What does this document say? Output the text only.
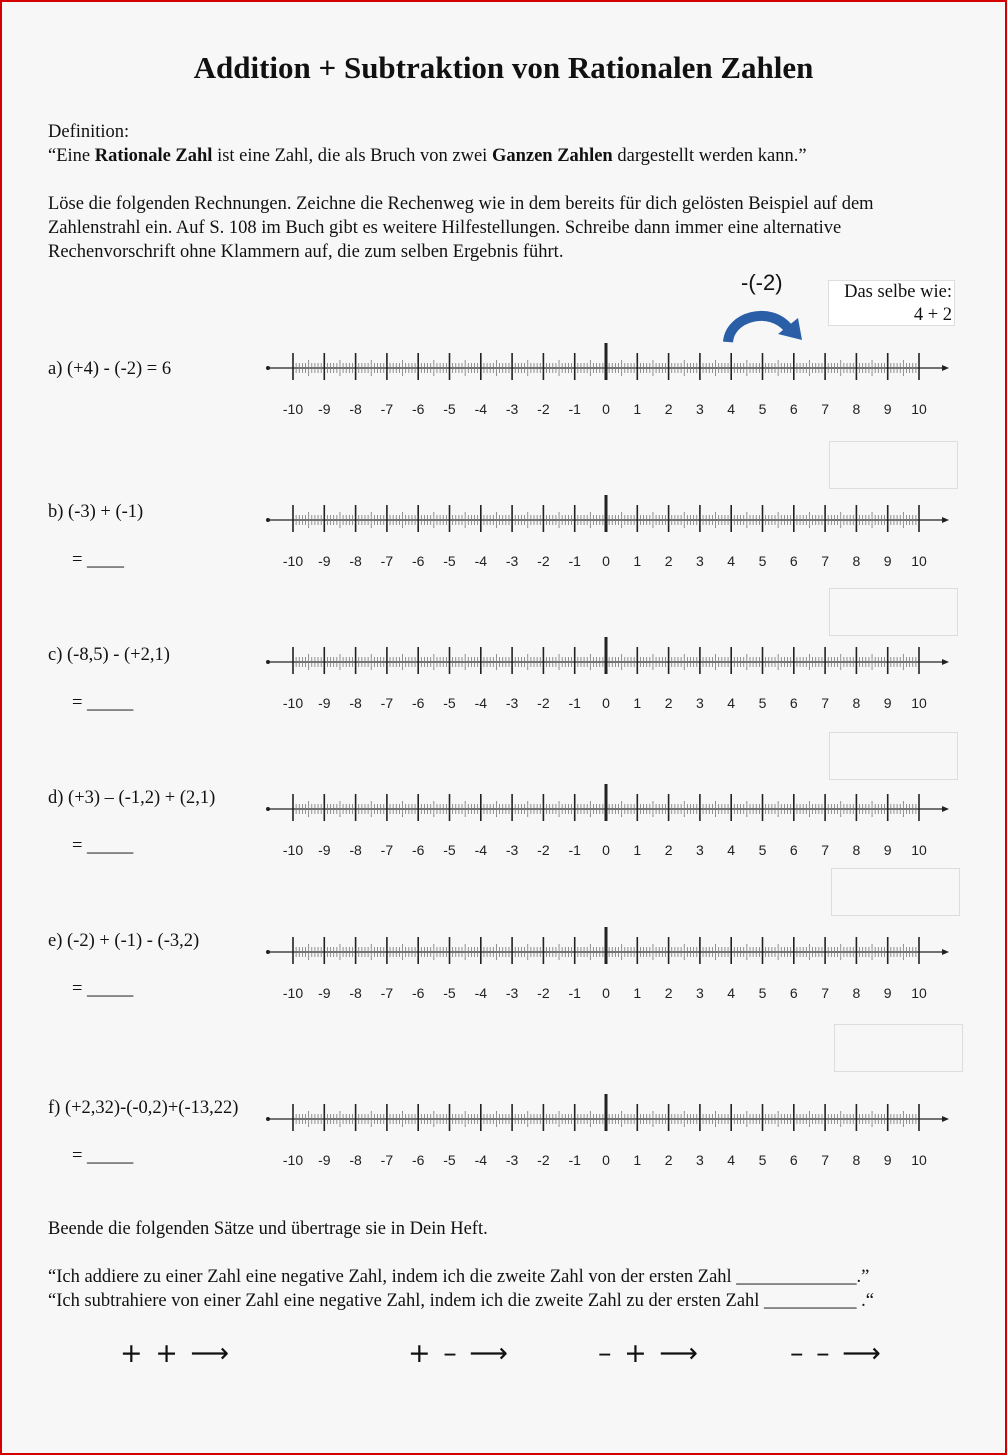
Addition + Subtraktion von Rationalen Zahlen
Definition:
“Eine Rationale Zahl ist eine Zahl, die als Bruch von zwei Ganzen Zahlen dargestellt werden kann.”
Löse die folgenden Rechnungen. Zeichne die Rechenweg wie in dem bereits für dich gelösten Beispiel auf dem
Zahlenstrahl ein. Auf S. 108 im Buch gibt es weitere Hilfestellungen. Schreibe dann immer eine alternative
Rechenvorschrift ohne Klammern auf, die zum selben Ergebnis führt.
-(-2)	Das selbe wie:
4 + 2
a) (+4) - (-2) = 6
b) (-3) + (-1)
= ____
c) (-8,5) - (+2,1)
= _____
d) (+3) – (-1,2) + (2,1)
= _____
e) (-2) + (-1) - (-3,2)
= _____
f) (+2,32)-(-0,2)+(-13,22)
= _____
-10 -9 -8 -7 -6 -5 -4 -3 -2 -1 0 1 2 3 4 5 6 7 8 9 10
-10 -9 -8 -7 -6 -5 -4 -3 -2 -1 0 1 2 3 4 5 6 7 8 9 10
-10 -9 -8 -7 -6 -5 -4 -3 -2 -1 0 1 2 3 4 5 6 7 8 9 10
-10 -9 -8 -7 -6 -5 -4 -3 -2 -1 0 1 2 3 4 5 6 7 8 9 10
-10 -9 -8 -7 -6 -5 -4 -3 -2 -1 0 1 2 3 4 5 6 7 8 9 10
-10 -9 -8 -7 -6 -5 -4 -3 -2 -1 0 1 2 3 4 5 6 7 8 9 10
Beende die folgenden Sätze und übertrage sie in Dein Heft.
“Ich addiere zu einer Zahl eine negative Zahl, indem ich die zweite Zahl von der ersten Zahl _____________.”
“Ich subtrahiere von einer Zahl eine negative Zahl, indem ich die zweite Zahl zu der ersten Zahl __________ .“
+ + ⟶	+ – ⟶	– + ⟶	– – ⟶
